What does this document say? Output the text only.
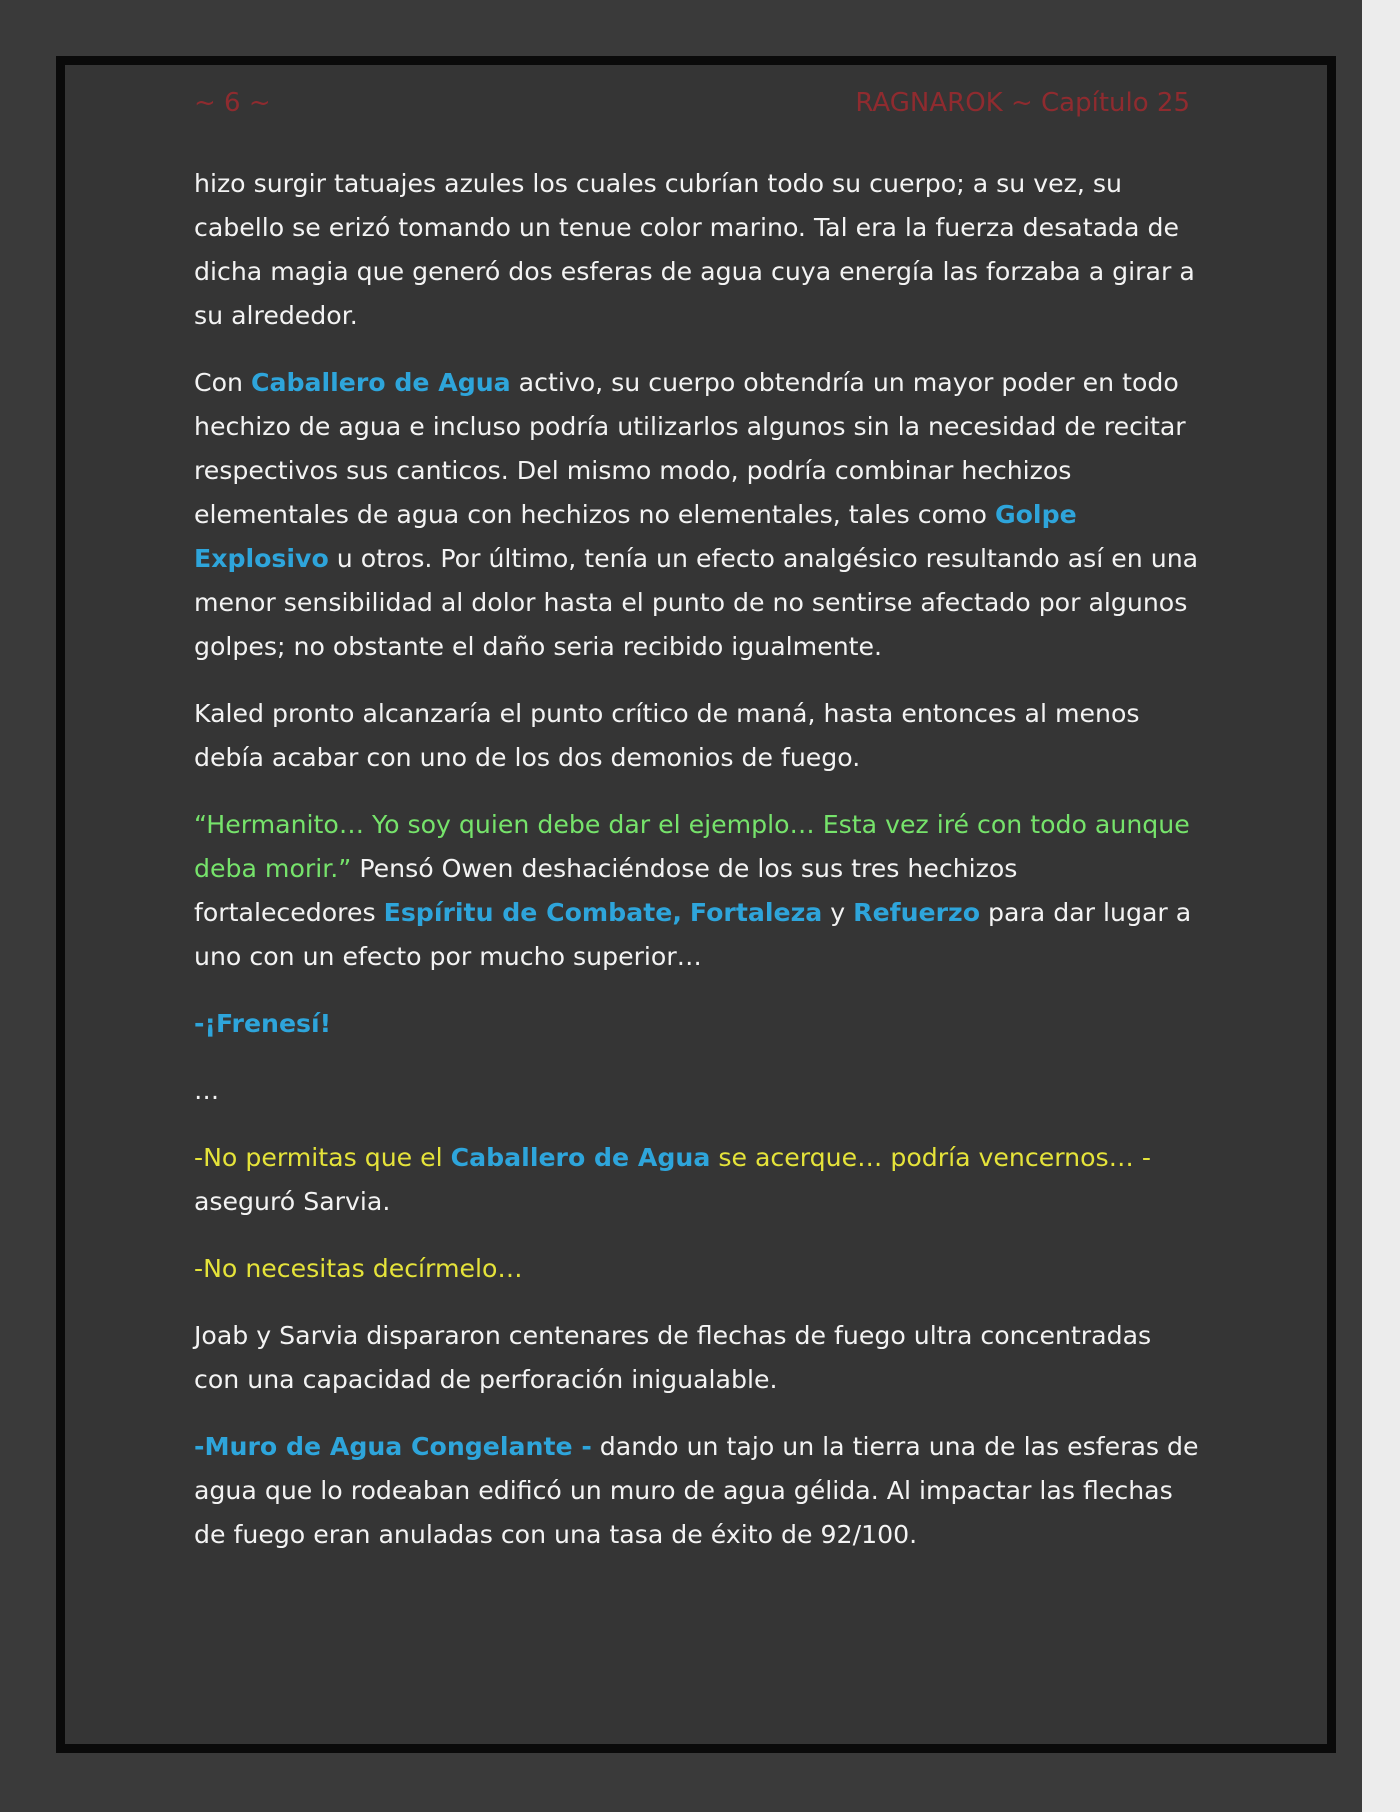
~ 6 ~	RAGNAROK ~ Capítulo 25

hizo surgir tatuajes azules los cuales cubrían todo su cuerpo; a su vez, su cabello se erizó tomando un tenue color marino. Tal era la fuerza desatada de dicha magia que generó dos esferas de agua cuya energía las forzaba a girar a su alrededor.

Con Caballero de Agua activo, su cuerpo obtendría un mayor poder en todo hechizo de agua e incluso podría utilizarlos algunos sin la necesidad de recitar respectivos sus canticos. Del mismo modo, podría combinar hechizos elementales de agua con hechizos no elementales, tales como Golpe Explosivo u otros. Por último, tenía un efecto analgésico resultando así en una menor sensibilidad al dolor hasta el punto de no sentirse afectado por algunos golpes; no obstante el daño seria recibido igualmente.

Kaled pronto alcanzaría el punto crítico de maná, hasta entonces al menos debía acabar con uno de los dos demonios de fuego.

“Hermanito… Yo soy quien debe dar el ejemplo… Esta vez iré con todo aunque deba morir.” Pensó Owen deshaciéndose de los sus tres hechizos fortalecedores Espíritu de Combate, Fortaleza y Refuerzo para dar lugar a uno con un efecto por mucho superior…

-¡Frenesí!

…

-No permitas que el Caballero de Agua se acerque… podría vencernos… - aseguró Sarvia.

-No necesitas decírmelo…

Joab y Sarvia dispararon centenares de flechas de fuego ultra concentradas con una capacidad de perforación inigualable.

-Muro de Agua Congelante - dando un tajo un la tierra una de las esferas de agua que lo rodeaban edificó un muro de agua gélida. Al impactar las flechas de fuego eran anuladas con una tasa de éxito de 92/100.
